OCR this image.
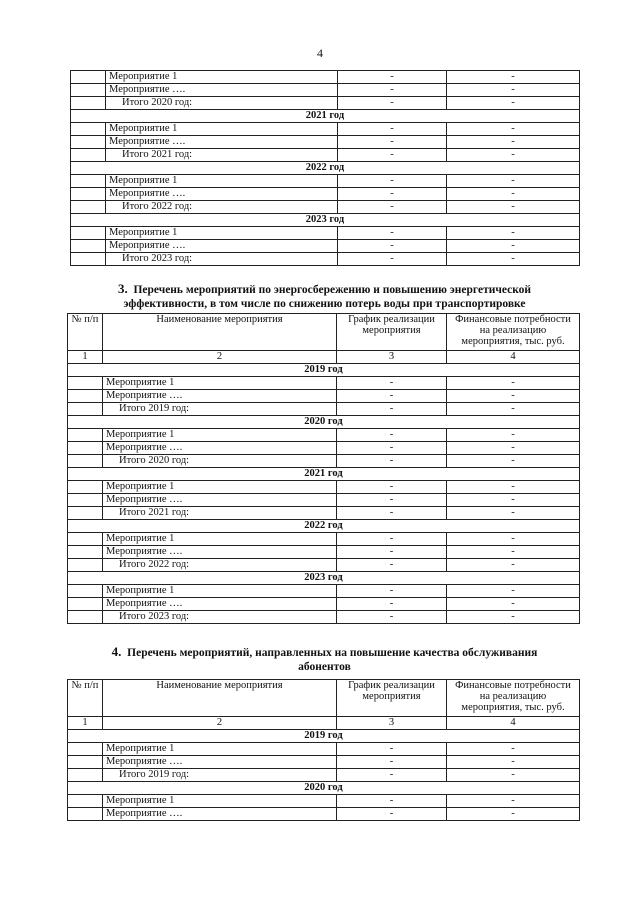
4
	Мероприятие 1	-	-
	Мероприятие ….	-	-
	Итого 2020 год:	-	-
2021 год			
	Мероприятие 1	-	-
	Мероприятие ….	-	-
	Итого 2021 год:	-	-
2022 год			
	Мероприятие 1	-	-
	Мероприятие ….	-	-
	Итого 2022 год:	-	-
2023 год			
	Мероприятие 1	-	-
	Мероприятие ….	-	-
	Итого 2023 год:	-	-
3. Перечень мероприятий по энергосбережению и повышению энергетической
эффективности, в том числе по снижению потерь воды при транспортировке
№ п/п	Наименование мероприятия	График реализации мероприятия	Финансовые потребности на реализацию мероприятия, тыс. руб.
1	2	3	4
2019 год			
	Мероприятие 1	-	-
	Мероприятие ….	-	-
	Итого 2019 год:	-	-
2020 год			
	Мероприятие 1	-	-
	Мероприятие ….	-	-
	Итого 2020 год:	-	-
2021 год			
	Мероприятие 1	-	-
	Мероприятие ….	-	-
	Итого 2021 год:	-	-
2022 год			
	Мероприятие 1	-	-
	Мероприятие ….	-	-
	Итого 2022 год:	-	-
2023 год			
	Мероприятие 1	-	-
	Мероприятие ….	-	-
	Итого 2023 год:	-	-
4. Перечень мероприятий, направленных на повышение качества обслуживания
абонентов
№ п/п	Наименование мероприятия	График реализации мероприятия	Финансовые потребности на реализацию мероприятия, тыс. руб.
1	2	3	4
2019 год			
	Мероприятие 1	-	-
	Мероприятие ….	-	-
	Итого 2019 год:	-	-
2020 год			
	Мероприятие 1	-	-
	Мероприятие ….	-	-
